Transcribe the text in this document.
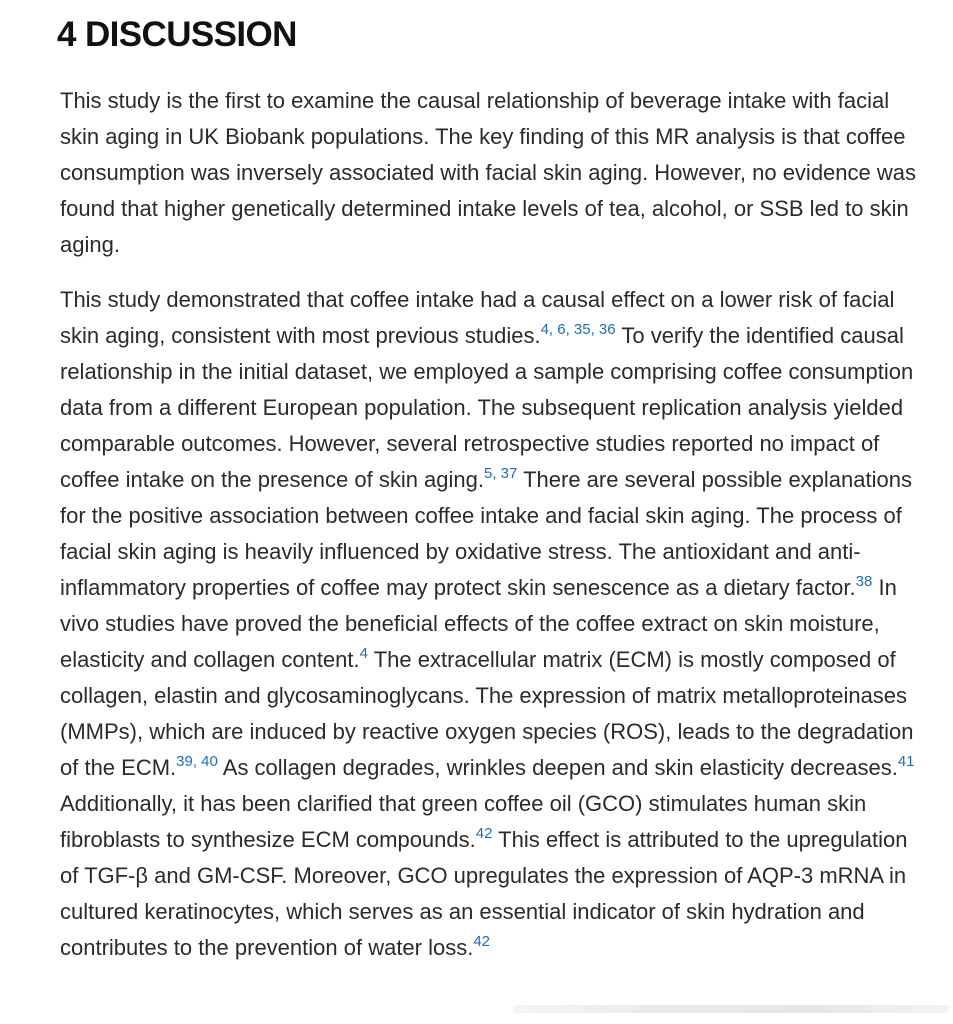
4 DISCUSSION

This study is the first to examine the causal relationship of beverage intake with facial skin aging in UK Biobank populations. The key finding of this MR analysis is that coffee consumption was inversely associated with facial skin aging. However, no evidence was found that higher genetically determined intake levels of tea, alcohol, or SSB led to skin aging.

This study demonstrated that coffee intake had a causal effect on a lower risk of facial skin aging, consistent with most previous studies.$^{4, 6, 35, 36}$ To verify the identified causal relationship in the initial dataset, we employed a sample comprising coffee consumption data from a different European population. The subsequent replication analysis yielded comparable outcomes. However, several retrospective studies reported no impact of coffee intake on the presence of skin aging.$^{5, 37}$ There are several possible explanations for the positive association between coffee intake and facial skin aging. The process of facial skin aging is heavily influenced by oxidative stress. The antioxidant and anti-inflammatory properties of coffee may protect skin senescence as a dietary factor.$^{38}$ In vivo studies have proved the beneficial effects of the coffee extract on skin moisture, elasticity and collagen content.$^4$ The extracellular matrix (ECM) is mostly composed of collagen, elastin and glycosaminoglycans. The expression of matrix metalloproteinases (MMPs), which are induced by reactive oxygen species (ROS), leads to the degradation of the ECM.$^{39, 40}$ As collagen degrades, wrinkles deepen and skin elasticity decreases.$^{41}$ Additionally, it has been clarified that green coffee oil (GCO) stimulates human skin fibroblasts to synthesize ECM compounds.$^{42}$ This effect is attributed to the upregulation of TGF-β and GM-CSF. Moreover, GCO upregulates the expression of AQP-3 mRNA in cultured keratinocytes, which serves as an essential indicator of skin hydration and contributes to the prevention of water loss.$^{42}$
